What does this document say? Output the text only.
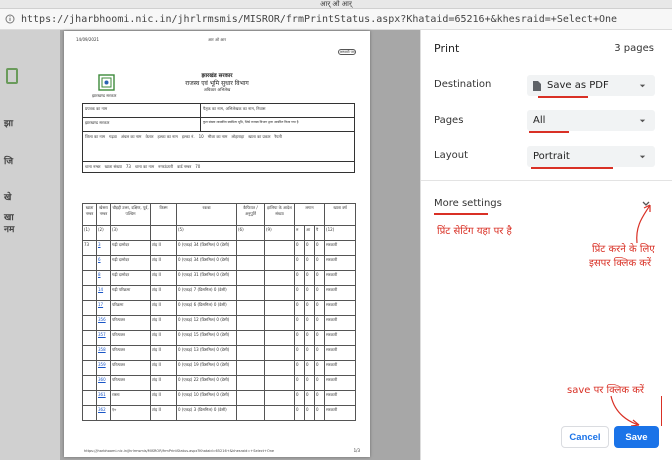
आर् ओ आर्
https://jharbhoomi.nic.in/jhrlrmsmis/MISROR/frmPrintStatus.aspx?Khataid=65216+&khesraid=+Select+One
झा
जि
खे
खा
नम
14/09/2021	आर ओ आर
अस्थायी पत्र
झारखण्ड सरकार
झारखंड सरकार
राजस्व एवं भूमि सुधार विभाग
अधिकार अभिलेख
प्रपत्रक का नाम	पैतृक का नाम, अभिलेखक का नाम, निवास
झारखण्ड सरकार	कुल संख्या शासकीय स्वामित्व भूमि, जिसे राजस्व विभाग द्वारा आबंटित किया गया है
जिला का नाम	गढ़वा	अंचल का नाम	केतार	हल्का का नाम	हल्का नं.	10	मौजा का नाम	लोहाराहा	खाता का प्रकार	रैयती
थाना नम्बर	खाता संख्या	73	थाना का नाम	नगरऊंटारी	वार्ड नम्बर	70
खाता नम्बर	खेसरा नम्बर	चौहद्दी उत्तर, दक्षिण, पूर्व, पश्चिम	किस्म	रकबा	कैफियत / अनुपूर्ति	हालिया के आदेश संख्या	लगान			खाता वर्ष
(1)	(2)	(3)		(5)	(6)	(9)	रु	आ	पै	(12)
73	3	गढ़ी दामोदर	टांड़ II	0 (एकड़) 34 (डिसमिल) 0 (डेसी)			0	0	0	सरकारी
	6	गढ़ी दामोदर	टांड़ II	0 (एकड़) 34 (डिसमिल) 0 (डेसी)			0	0	0	सरकारी
	8	गढ़ी दामोदर	टांड़ II	0 (एकड़) 31 (डिसमिल) 0 (डेसी)			0	0	0	सरकारी
	14	गढ़ी परिक्रमा	टांड़ II	0 (एकड़) 7 (डिसमिल) 0 (डेसी)			0	0	0	सरकारी
	17	परिक्रमा	टांड़ II	0 (एकड़) 6 (डिसमिल) 0 (डेसी)			0	0	0	सरकारी
	356	परित्यक्त	टांड़ II	0 (एकड़) 12 (डिसमिल) 0 (डेसी)			0	0	0	सरकारी
	357	परित्यक्त	टांड़ II	0 (एकड़) 15 (डिसमिल) 0 (डेसी)			0	0	0	सरकारी
	358	परित्यक्त	टांड़ II	0 (एकड़) 13 (डिसमिल) 0 (डेसी)			0	0	0	सरकारी
	359	परित्यक्त	टांड़ II	0 (एकड़) 19 (डिसमिल) 0 (डेसी)			0	0	0	सरकारी
	360	परित्यक्त	टांड़ II	0 (एकड़) 22 (डिसमिल) 0 (डेसी)			0	0	0	सरकारी
	361	रास्ता	टांड़ II	0 (एकड़) 10 (डिसमिल) 0 (डेसी)			0	0	0	सरकारी
	362	ए०	टांड़ II	0 (एकड़) 3 (डिसमिल) 0 (डेसी)			0	0	0	सरकारी
https://jharbhoomi.nic.in/jhrlrmsmis/MISROR/frmPrintStatus.aspx?Khataid=65216+&khesraid=+Select+One	1/3
Print	3 pages
Destination	Save as PDF
Pages	All
Layout	Portrait
More settings
प्रिंट सेटिंग यहा पर है
प्रिंट करने के लिए
इसपर क्लिक करें
save पर क्लिक करें
Cancel	Save
